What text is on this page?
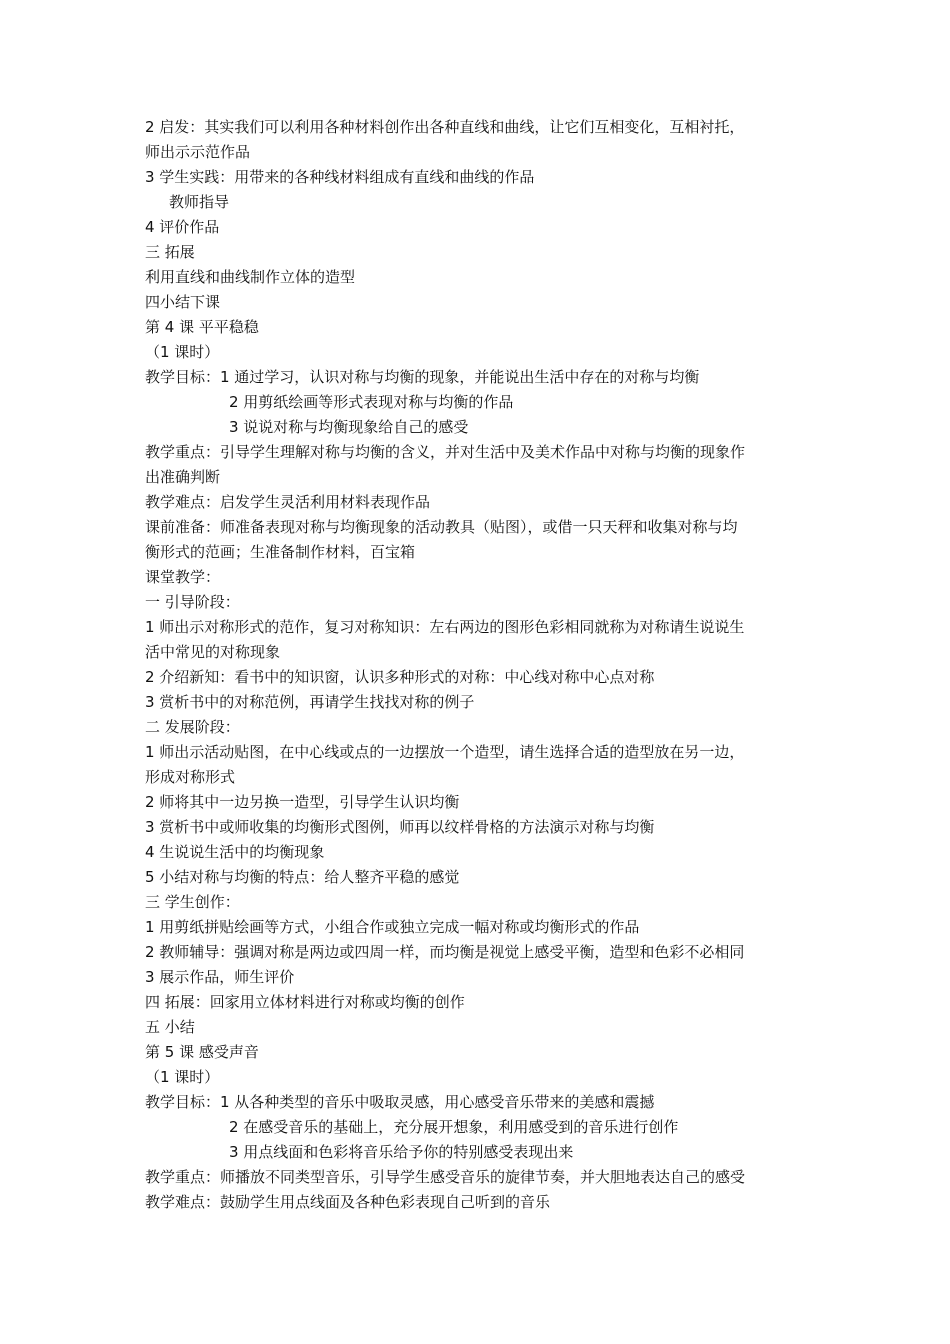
2 启发：其实我们可以利用各种材料创作出各种直线和曲线，让它们互相变化，互相衬托，
师出示示范作品
3 学生实践：用带来的各种线材料组成有直线和曲线的作品
教师指导
4 评价作品
三 拓展
利用直线和曲线制作立体的造型
四小结下课
第 4 课 平平稳稳
（1 课时）
教学目标：1 通过学习，认识对称与均衡的现象，并能说出生活中存在的对称与均衡
2 用剪纸绘画等形式表现对称与均衡的作品
3 说说对称与均衡现象给自己的感受
教学重点：引导学生理解对称与均衡的含义，并对生活中及美术作品中对称与均衡的现象作
出准确判断
教学难点：启发学生灵活利用材料表现作品
课前准备：师准备表现对称与均衡现象的活动教具（贴图），或借一只天秤和收集对称与均
衡形式的范画；生准备制作材料，百宝箱
课堂教学：
一 引导阶段：
1 师出示对称形式的范作，复习对称知识：左右两边的图形色彩相同就称为对称请生说说生
活中常见的对称现象
2 介绍新知：看书中的知识窗，认识多种形式的对称：中心线对称中心点对称
3 赏析书中的对称范例，再请学生找找对称的例子
二 发展阶段：
1 师出示活动贴图，在中心线或点的一边摆放一个造型，请生选择合适的造型放在另一边，
形成对称形式
2 师将其中一边另换一造型，引导学生认识均衡
3 赏析书中或师收集的均衡形式图例，师再以纹样骨格的方法演示对称与均衡
4 生说说生活中的均衡现象
5 小结对称与均衡的特点：给人整齐平稳的感觉
三 学生创作：
1 用剪纸拼贴绘画等方式，小组合作或独立完成一幅对称或均衡形式的作品
2 教师辅导：强调对称是两边或四周一样，而均衡是视觉上感受平衡，造型和色彩不必相同
3 展示作品，师生评价
四 拓展：回家用立体材料进行对称或均衡的创作
五 小结
第 5 课 感受声音
（1 课时）
教学目标：1 从各种类型的音乐中吸取灵感，用心感受音乐带来的美感和震撼
2 在感受音乐的基础上，充分展开想象，利用感受到的音乐进行创作
3 用点线面和色彩将音乐给予你的特别感受表现出来
教学重点：师播放不同类型音乐，引导学生感受音乐的旋律节奏，并大胆地表达自己的感受
教学难点：鼓励学生用点线面及各种色彩表现自己听到的音乐
